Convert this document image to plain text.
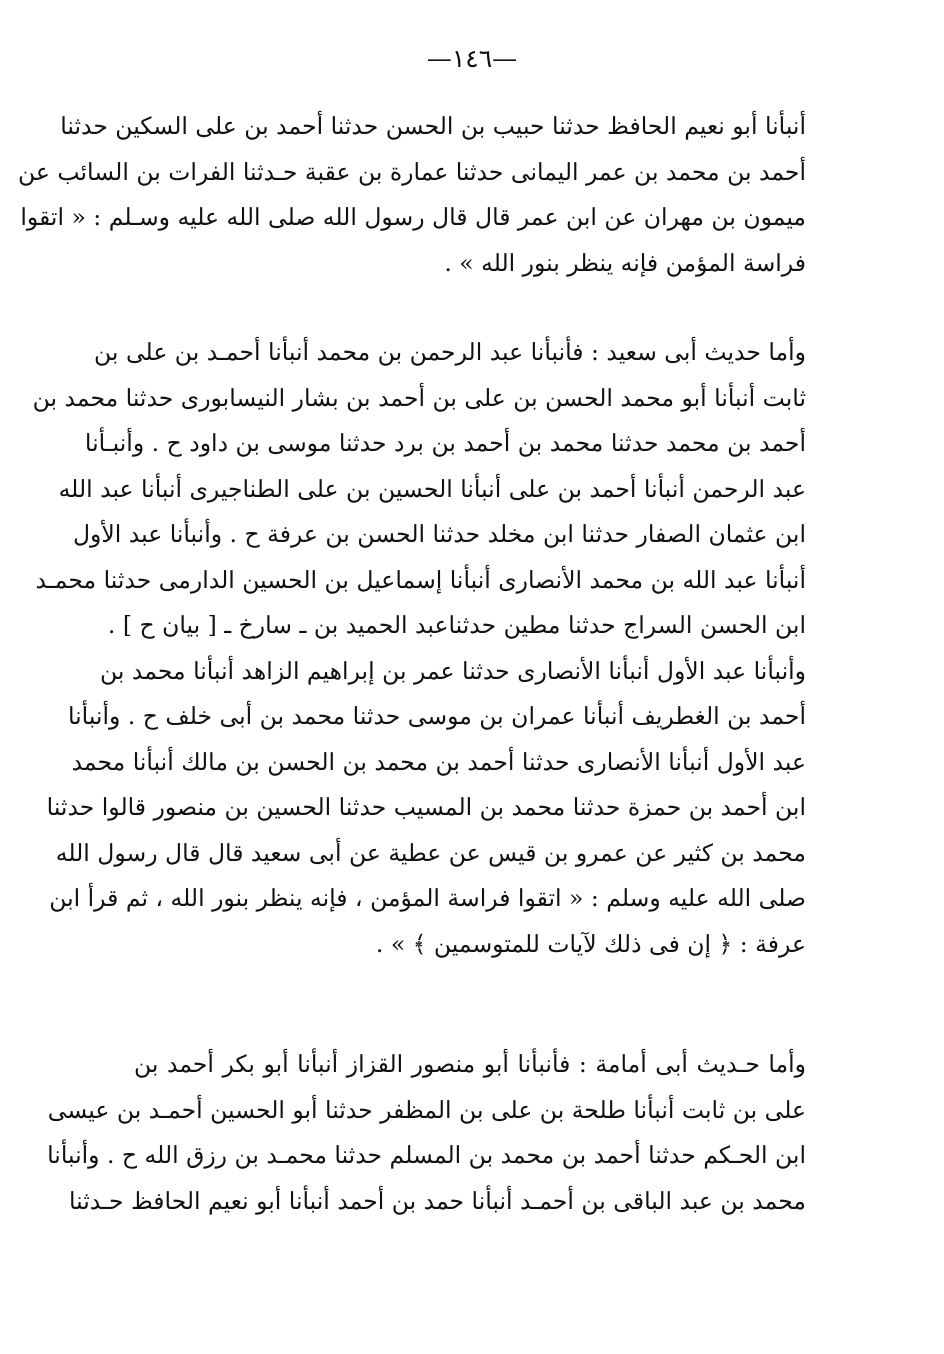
—١٤٦—
أنبأنا أبو نعيم الحافظ حدثنا حبيب بن الحسن حدثنا أحمد بن على السكين حدثنا
أحمد بن محمد بن عمر اليمانى حدثنا عمارة بن عقبة حـدثنا الفرات بن السائب عن
ميمون بن مهران عن ابن عمر قال قال رسول الله صلى الله عليه وسـلم : « اتقوا
فراسة المؤمن فإنه ينظر بنور الله » .
وأما حديث أبى سعيد : فأنبأنا عبد الرحمن بن محمد أنبأنا أحمـد بن على بن
ثابت أنبأنا أبو محمد الحسن بن على بن أحمد بن بشار النيسابورى حدثنا محمد بن
أحمد بن محمد حدثنا محمد بن أحمد بن برد حدثنا موسى بن داود ح . وأنبـأنا
عبد الرحمن أنبأنا أحمد بن على أنبأنا الحسين بن على الطناجيرى أنبأنا عبد الله
ابن عثمان الصفار حدثنا ابن مخلد حدثنا الحسن بن عرفة ح . وأنبأنا عبد الأول
أنبأنا عبد الله بن محمد الأنصارى أنبأنا إسماعيل بن الحسين الدارمى حدثنا محمـد
ابن الحسن السراج حدثنا مطين حدثناعبد الحميد بن ـ سارخ ـ [ بيان ح ] .
وأنبأنا عبد الأول أنبأنا الأنصارى حدثنا عمر بن إبراهيم الزاهد أنبأنا محمد بن
أحمد بن الغطريف أنبأنا عمران بن موسى حدثنا محمد بن أبى خلف ح . وأنبأنا
عبد الأول أنبأنا الأنصارى حدثنا أحمد بن محمد بن الحسن بن مالك أنبأنا محمد
ابن أحمد بن حمزة حدثنا محمد بن المسيب حدثنا الحسين بن منصور قالوا حدثنا
محمد بن كثير عن عمرو بن قيس عن عطية عن أبى سعيد قال قال رسول الله
صلى الله عليه وسلم : « اتقوا فراسة المؤمن ، فإنه ينظر بنور الله ، ثم قرأ ابن
عرفة : ﴿ إن فى ذلك لآيات للمتوسمين ﴾ » .
وأما حـديث أبى أمامة : فأنبأنا أبو منصور القزاز أنبأنا أبو بكر أحمد بن
على بن ثابت أنبأنا طلحة بن على بن المظفر حدثنا أبو الحسين أحمـد بن عيسى
ابن الحـكم حدثنا أحمد بن محمد بن المسلم حدثنا محمـد بن رزق الله ح . وأنبأنا
محمد بن عبد الباقى بن أحمـد أنبأنا حمد بن أحمد أنبأنا أبو نعيم الحافظ حـدثنا
